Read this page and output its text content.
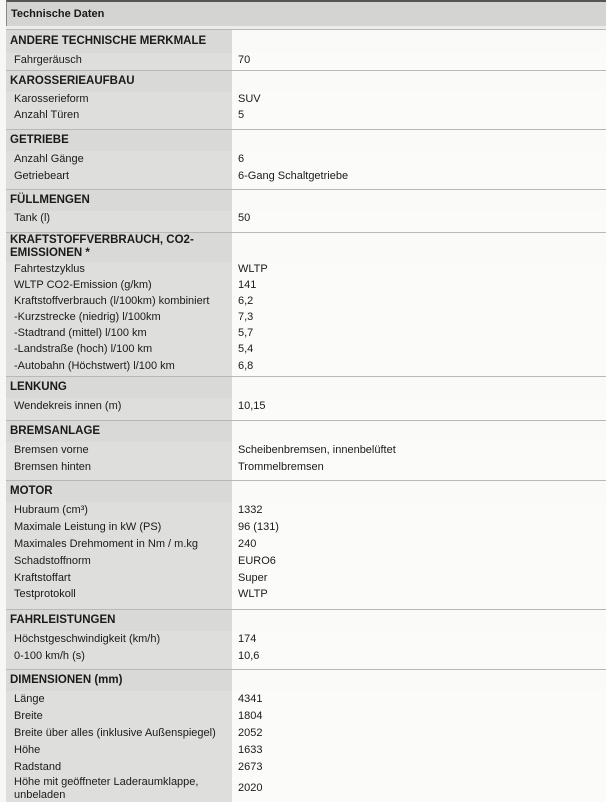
Technische Daten
ANDERE TECHNISCHE MERKMALE	
Fahrgeräusch	70

KAROSSERIEAUFBAU	
Karosserieform	SUV
Anzahl Türen	5

GETRIEBE	
Anzahl Gänge	6
Getriebeart	6-Gang Schaltgetriebe

FÜLLMENGEN	
Tank (l)	50

KRAFTSTOFFVERBRAUCH, CO2-EMISSIONEN *	
Fahrtestzyklus	WLTP
WLTP CO2-Emission (g/km)	141
Kraftstoffverbrauch (l/100km) kombiniert	6,2
-Kurzstrecke (niedrig) l/100km	7,3
-Stadtrand (mittel) l/100 km	5,7
-Landstraße (hoch) l/100 km	5,4
-Autobahn (Höchstwert) l/100 km	6,8

LENKUNG	
Wendekreis innen (m)	10,15

BREMSANLAGE	
Bremsen vorne	Scheibenbremsen, innenbelüftet
Bremsen hinten	Trommelbremsen

MOTOR	
Hubraum (cm³)	1332
Maximale Leistung in kW (PS)	96 (131)
Maximales Drehmoment in Nm / m.kg	240
Schadstoffnorm	EURO6
Kraftstoffart	Super
Testprotokoll	WLTP

FAHRLEISTUNGEN	
Höchstgeschwindigkeit (km/h)	174
0-100 km/h (s)	10,6

DIMENSIONEN (mm)	
Länge	4341
Breite	1804
Breite über alles (inklusive Außenspiegel)	2052
Höhe	1633
Radstand	2673
Höhe mit geöffneter Laderaumklappe, unbeladen	2020
